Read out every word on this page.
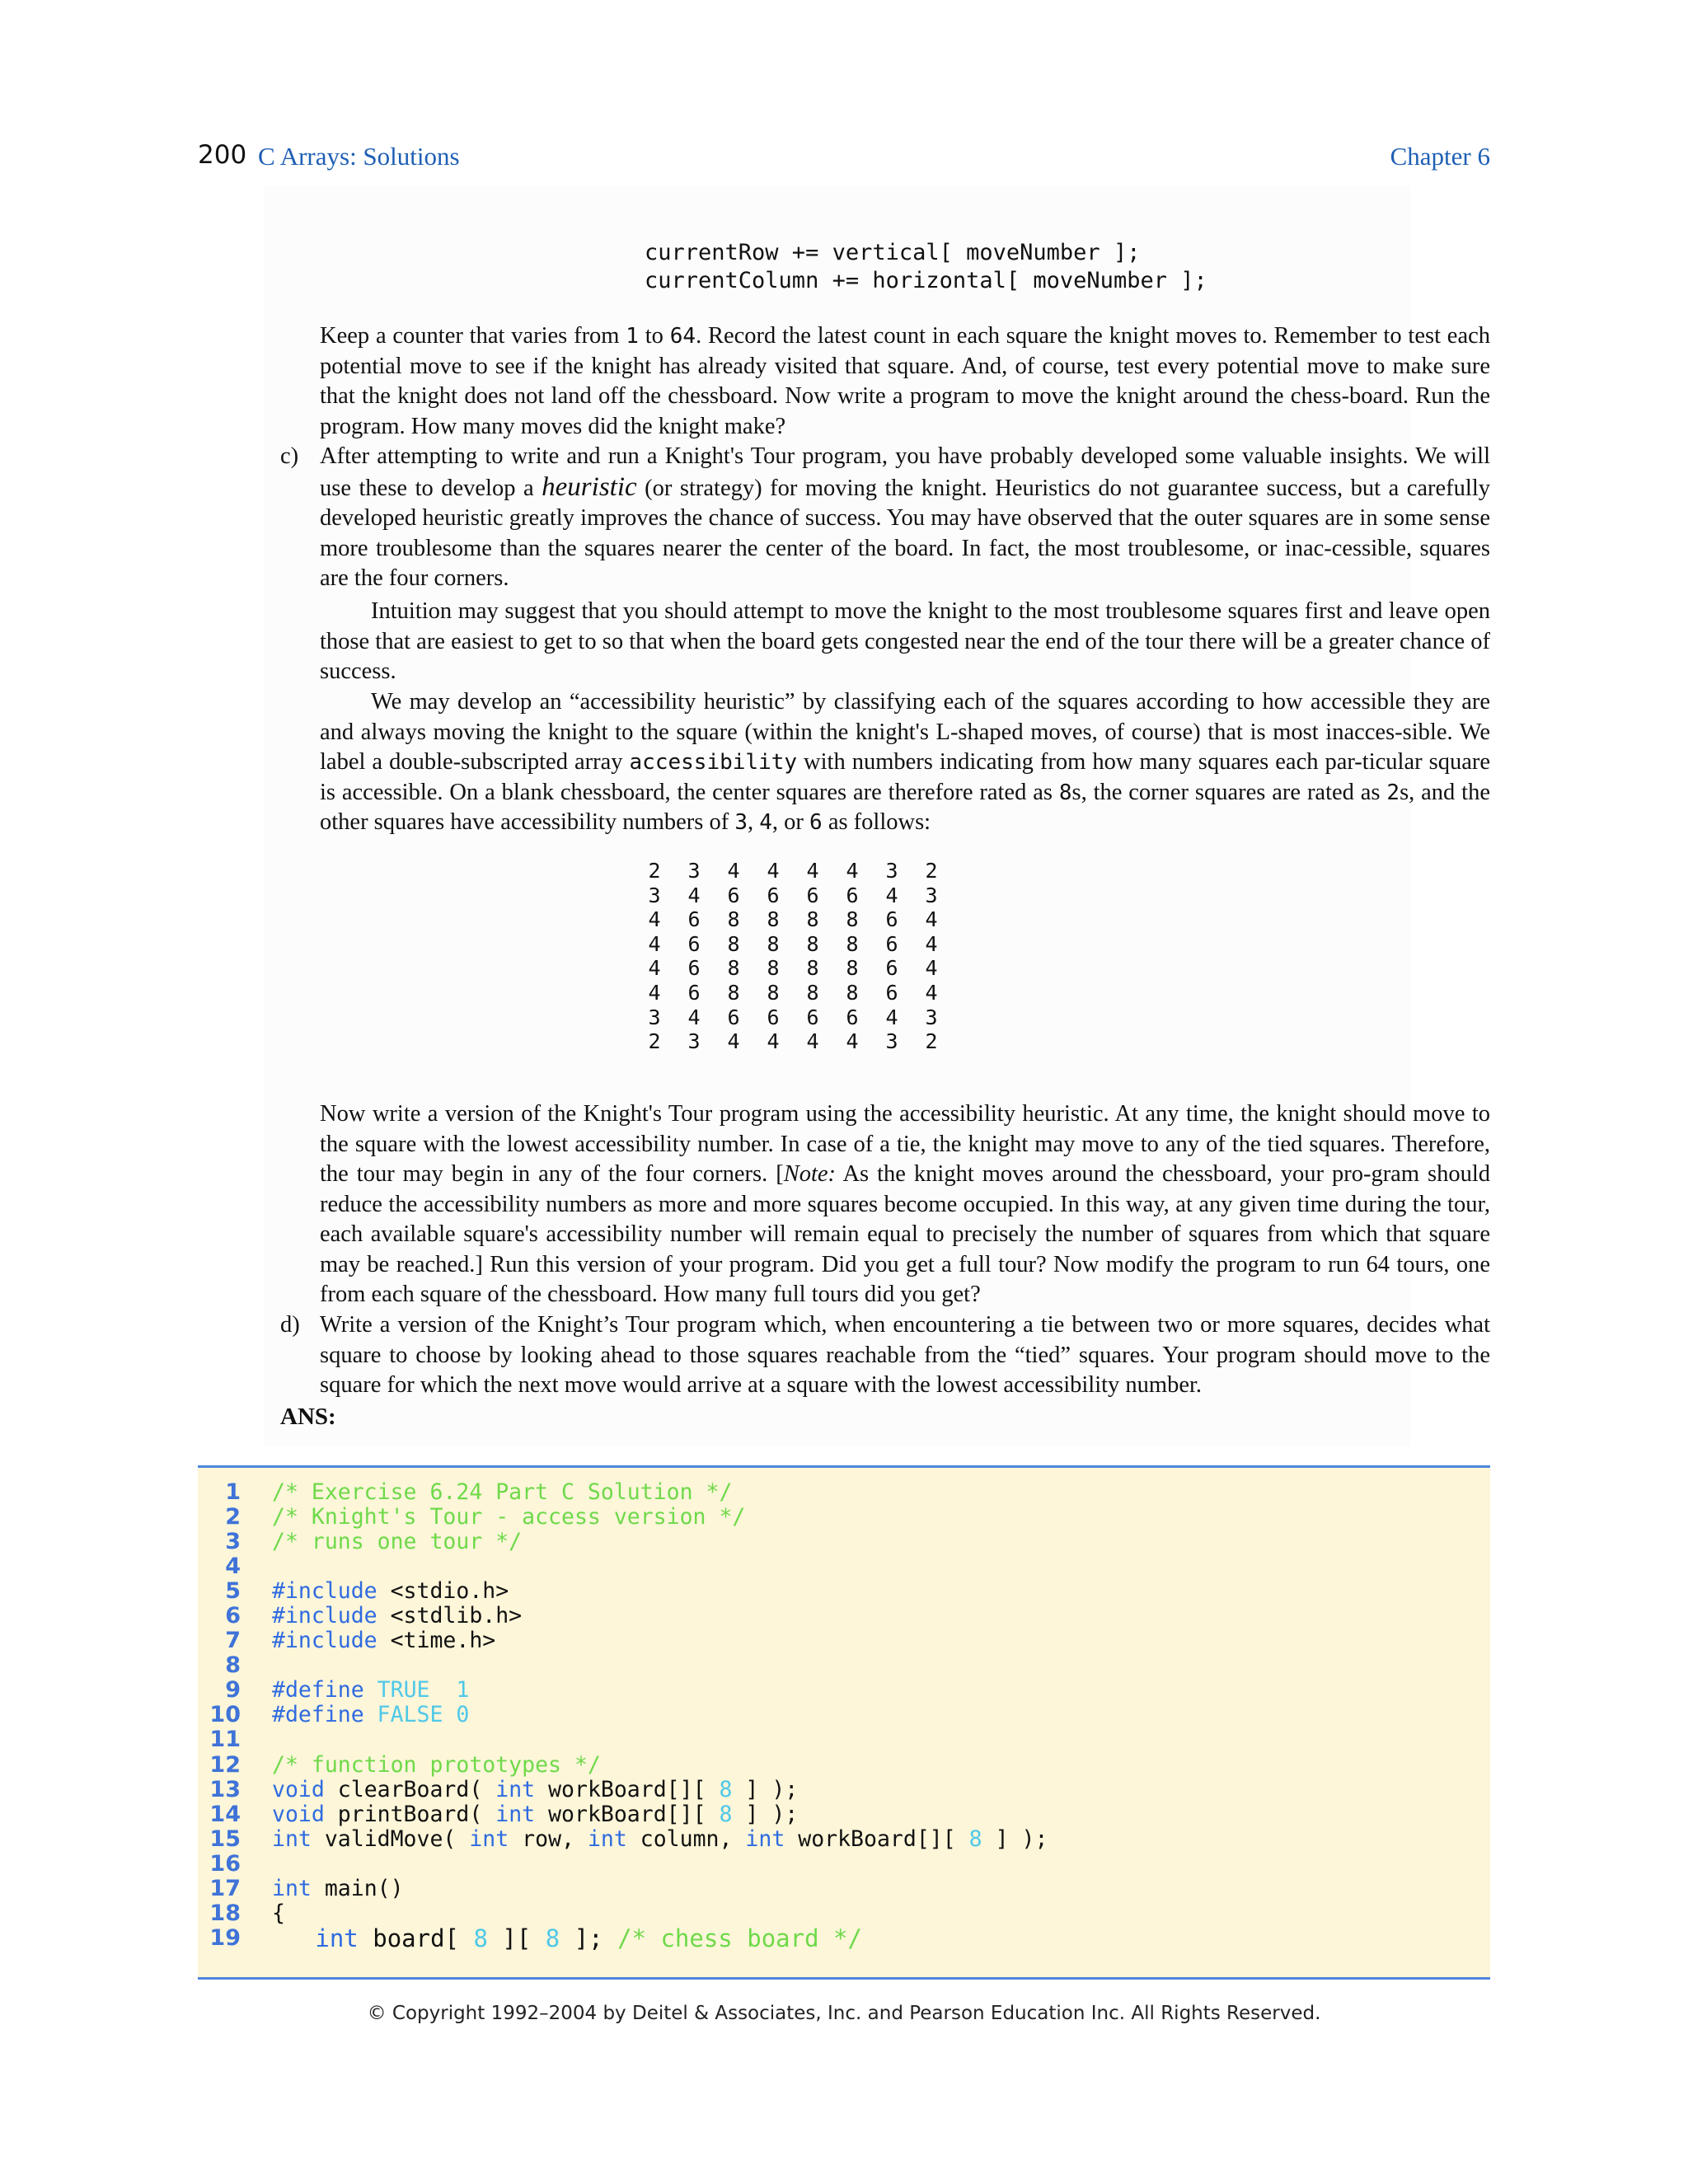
200 C Arrays: Solutions	Chapter 6
currentRow += vertical[ moveNumber ];
currentColumn += horizontal[ moveNumber ];
Keep a counter that varies from 1 to 64. Record the latest count in each square the knight moves to. Remember to test each potential move to see if the knight has already visited that square. And, of course, test every potential move to make sure that the knight does not land off the chessboard. Now write a program to move the knight around the chess-board. Run the program. How many moves did the knight make?
c) After attempting to write and run a Knight's Tour program, you have probably developed some valuable insights. We will use these to develop a heuristic (or strategy) for moving the knight. Heuristics do not guarantee success, but a carefully developed heuristic greatly improves the chance of success. You may have observed that the outer squares are in some sense more troublesome than the squares nearer the center of the board. In fact, the most troublesome, or inac-cessible, squares are the four corners.
Intuition may suggest that you should attempt to move the knight to the most troublesome squares first and leave open those that are easiest to get to so that when the board gets congested near the end of the tour there will be a greater chance of success.
We may develop an “accessibility heuristic” by classifying each of the squares according to how accessible they are and always moving the knight to the square (within the knight's L-shaped moves, of course) that is most inacces-sible. We label a double-subscripted array accessibility with numbers indicating from how many squares each par-ticular square is accessible. On a blank chessboard, the center squares are therefore rated as 8s, the corner squares are rated as 2s, and the other squares have accessibility numbers of 3, 4, or 6 as follows:
2	3	4	4	4	4	3	2
3	4	6	6	6	6	4	3
4	6	8	8	8	8	6	4
4	6	8	8	8	8	6	4
4	6	8	8	8	8	6	4
4	6	8	8	8	8	6	4
3	4	6	6	6	6	4	3
2	3	4	4	4	4	3	2
Now write a version of the Knight's Tour program using the accessibility heuristic. At any time, the knight should move to the square with the lowest accessibility number. In case of a tie, the knight may move to any of the tied squares. Therefore, the tour may begin in any of the four corners. [Note: As the knight moves around the chessboard, your pro-gram should reduce the accessibility numbers as more and more squares become occupied. In this way, at any given time during the tour, each available square's accessibility number will remain equal to precisely the number of squares from which that square may be reached.] Run this version of your program. Did you get a full tour? Now modify the program to run 64 tours, one from each square of the chessboard. How many full tours did you get?
d) Write a version of the Knight’s Tour program which, when encountering a tie between two or more squares, decides what square to choose by looking ahead to those squares reachable from the “tied” squares. Your program should move to the square for which the next move would arrive at a square with the lowest accessibility number.
ANS:
1 /* Exercise 6.24 Part C Solution */
2 /* Knight's Tour - access version */
3 /* runs one tour */
4
5 #include <stdio.h>
6 #include <stdlib.h>
7 #include <time.h>
8
9 #define TRUE  1
10 #define FALSE 0
11
12 /* function prototypes */
13 void clearBoard( int workBoard[][ 8 ] );
14 void printBoard( int workBoard[][ 8 ] );
15 int validMove( int row, int column, int workBoard[][ 8 ] );
16
17 int main()
18 {
19	int board[ 8 ][ 8 ]; /* chess board */
© Copyright 1992–2004 by Deitel & Associates, Inc. and Pearson Education Inc. All Rights Reserved.
